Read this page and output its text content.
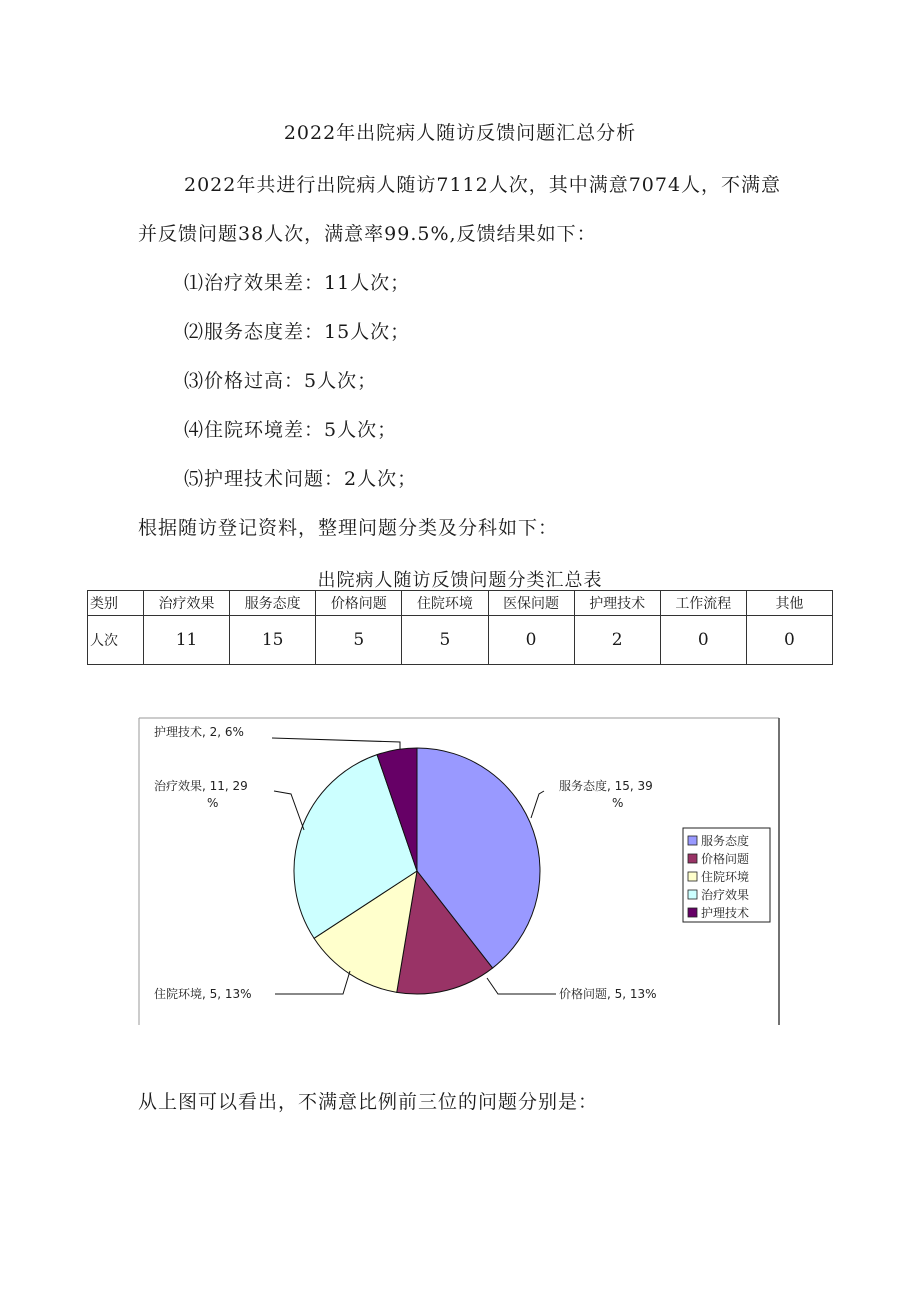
2022年出院病人随访反馈问题汇总分析
2022年共进行出院病人随访7112人次，其中满意7074人，不满意
并反馈问题38人次，满意率99.5%,反馈结果如下：
⑴治疗效果差：11人次；
⑵服务态度差：15人次；
⑶价格过高：5人次；
⑷住院环境差：5人次；
⑸护理技术问题：2人次；
根据随访登记资料，整理问题分类及分科如下：
出院病人随访反馈问题分类汇总表
类别	治疗效果	服务态度	价格问题	住院环境	医保问题	护理技术	工作流程	其他
人次	11	15	5	5	0	2	0	0
服务态度, 15, 39
%
价格问题, 5, 13%
住院环境, 5, 13%
治疗效果, 11, 29
%
护理技术, 2, 6%
服务态度
价格问题
住院环境
治疗效果
护理技术
从上图可以看出，不满意比例前三位的问题分别是：
